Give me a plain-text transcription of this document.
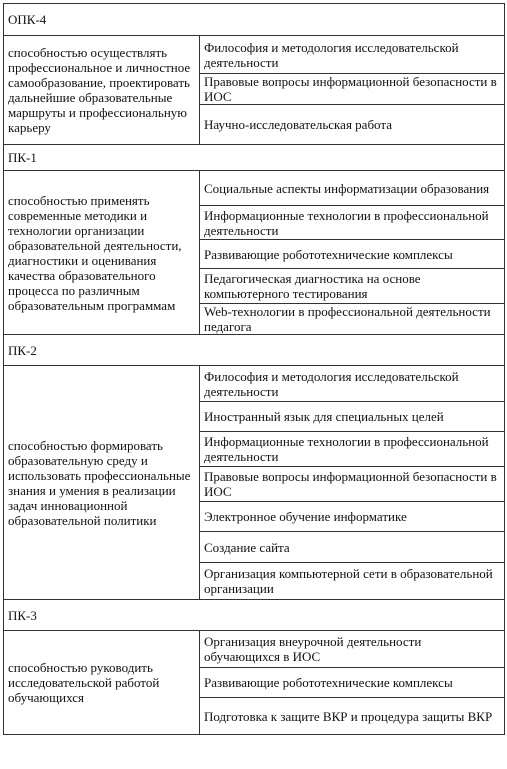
ОПК-4	
способностью осуществлять профессиональное и личностное самообразование, проектировать дальнейшие образовательные маршруты и профессиональную карьеру	Философия и методология исследовательской деятельности
	Правовые вопросы информационной безопасности в ИОС
	Научно-исследовательская работа
ПК-1	
способностью применять современные методики и технологии организации образовательной деятельности, диагностики и оценивания качества образовательного процесса по различным образовательным программам	Социальные аспекты информатизации образования
	Информационные технологии в профессиональной деятельности
	Развивающие робототехнические комплексы
	Педагогическая диагностика на основе компьютерного тестирования
	Web-технологии в профессиональной деятельности педагога
ПК-2	
способностью формировать образовательную среду и использовать профессиональные знания и умения в реализации задач инновационной образовательной политики	Философия и методология исследовательской деятельности
	Иностранный язык для специальных целей
	Информационные технологии в профессиональной деятельности
	Правовые вопросы информационной безопасности в ИОС
	Электронное обучение информатике
	Создание сайта
	Организация компьютерной сети в образовательной организации
ПК-3	
способностью руководить исследовательской работой обучающихся	Организация внеурочной деятельности обучающихся в ИОС
	Развивающие робототехнические комплексы
	Подготовка к защите ВКР и процедура защиты ВКР
